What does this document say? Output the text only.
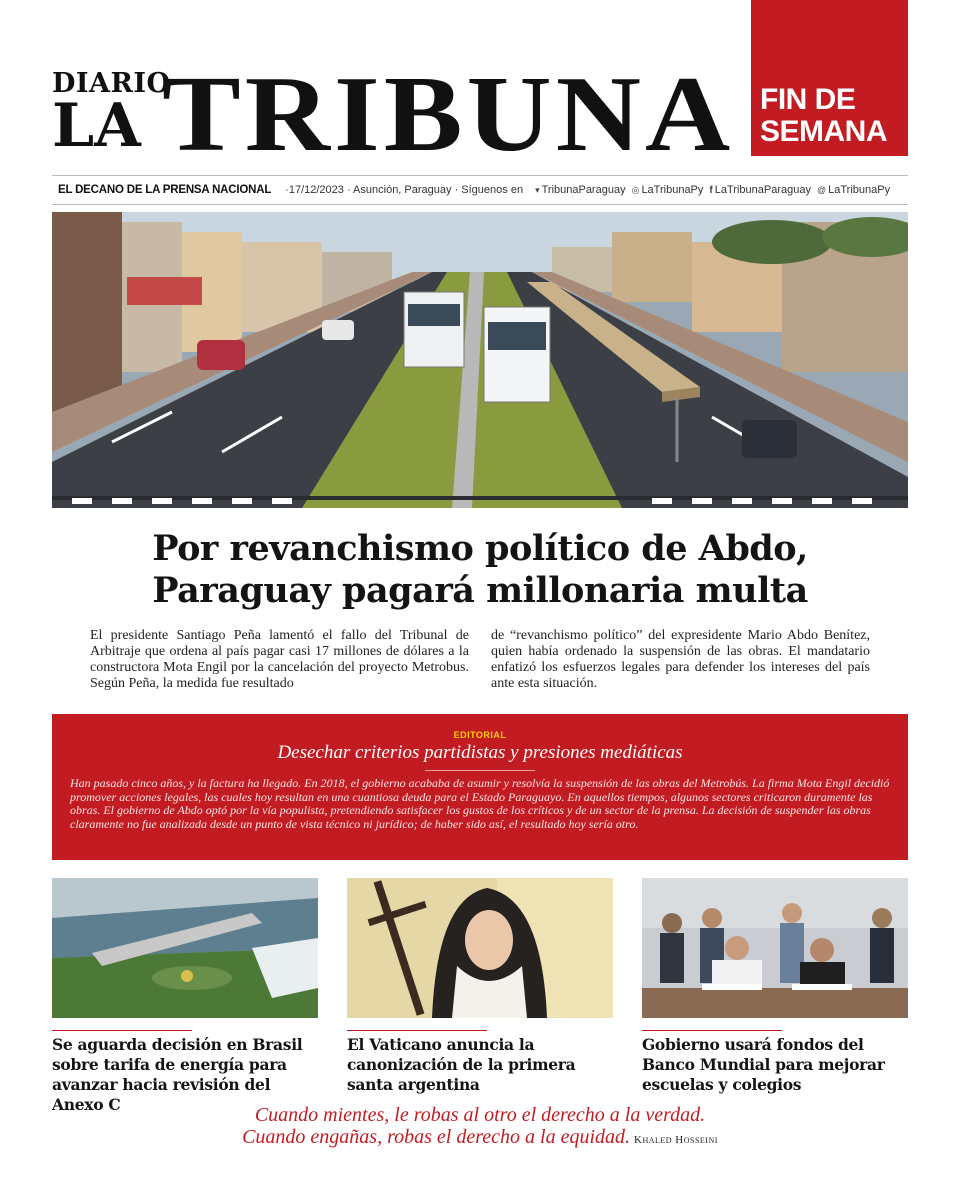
DIARIO
LA TRIBUNA FIN DE
SEMANA
EL DECANO DE LA PRENSA NACIONAL ·17/12/2023 · Asunción, Paraguay · Síguenos en ▾ TribunaParaguay ◎ LaTribunaPy f LaTribunaParaguay @ LaTribunaPy
Por revanchismo político de Abdo,
Paraguay pagará millonaria multa

El presidente Santiago Peña lamentó el fallo del Tribunal de Arbitraje que ordena al país pagar casi 17 millones de dólares a la constructora Mota Engil por la cancelación del proyecto Metrobus. Según Peña, la medida fue resultado

de “revanchismo político” del expresidente Mario Abdo Benítez, quien había ordenado la suspensión de las obras. El mandatario enfatizó los esfuerzos legales para defender los intereses del país ante esta situación.

EDITORIAL
Desechar criterios partidistas y presiones mediáticas
Han pasado cinco años, y la factura ha llegado. En 2018, el gobierno acababa de asumir y resolvía la suspensión de las obras del Metrobús. La firma Mota Engil decidió promover acciones legales, las cuales hoy resultan en una cuantiosa deuda para el Estado Paraguayo. En aquellos tiempos, algunos sectores criticaron duramente las obras. El gobierno de Abdo optó por la vía populista, pretendiendo satisfacer los gustos de los críticos y de un sector de la prensa. La decisión de suspender las obras claramente no fue analizada desde un punto de vista técnico ni jurídico; de haber sido así, el resultado hoy sería otro.
Se aguarda decisión en Brasil sobre tarifa de energía para avanzar hacia revisión del Anexo C
El Vaticano anuncia la canonización de la primera santa argentina
Gobierno usará fondos del Banco Mundial para mejorar escuelas y colegios
Cuando mientes, le robas al otro el derecho a la verdad.
Cuando engañas, robas el derecho a la equidad. Khaled Hosseini
